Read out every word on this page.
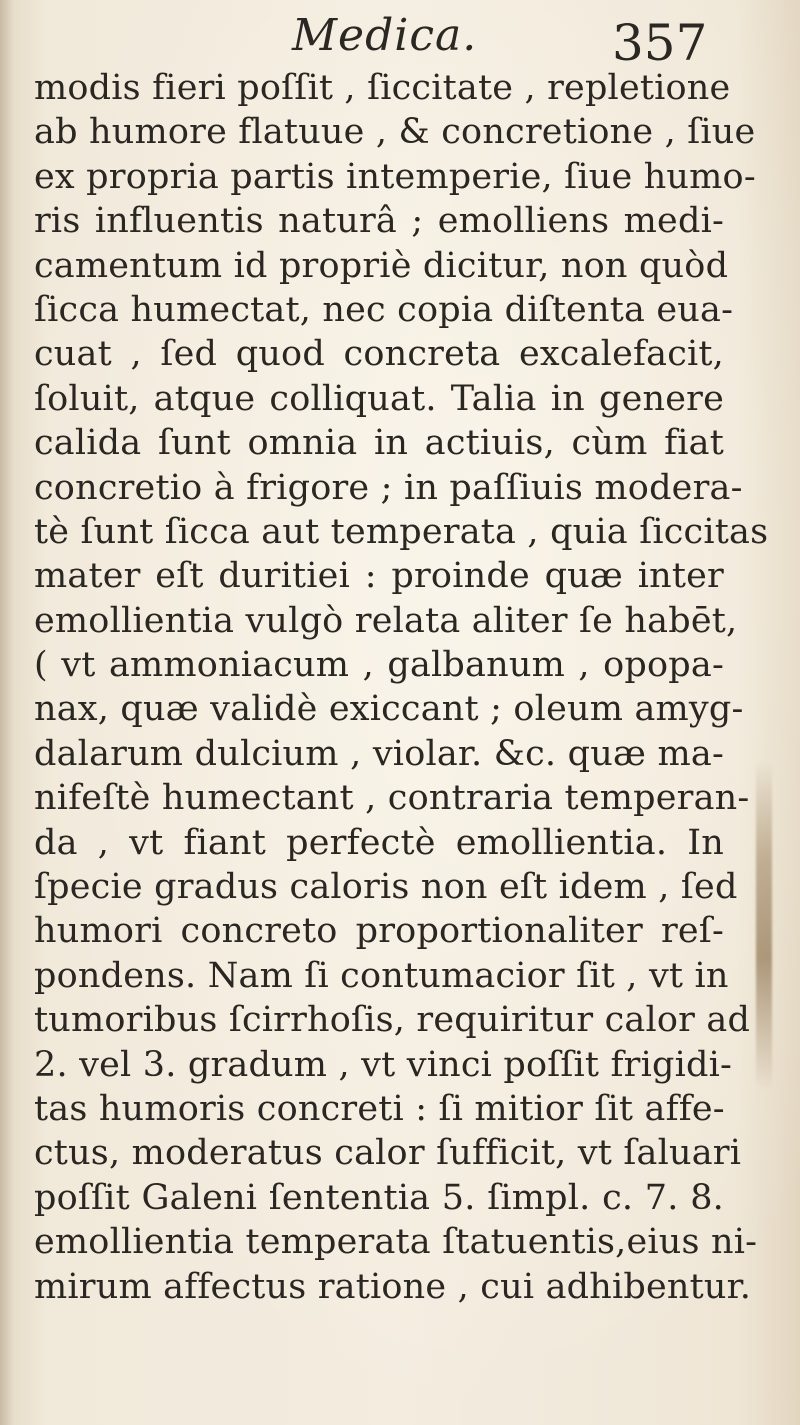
Medica.	357
modis fieri poſſit , ſiccitate , repletione
ab humore flatuue , & concretione , ſiue
ex propria partis intemperie, ſiue humo-
ris influentis naturâ ; emolliens medi-
camentum id propriè dicitur, non quòd
ſicca humectat, nec copia diſtenta eua-
cuat , ſed quod concreta excalefacit,
ſoluit, atque colliquat. Talia in genere
calida ſunt omnia in actiuis, cùm fiat
concretio à frigore ; in paſſiuis modera-
tè ſunt ſicca aut temperata , quia ſiccitas
mater eſt duritiei : proinde quæ inter
emollientia vulgò relata aliter ſe habēt,
( vt ammoniacum , galbanum , opopa-
nax, quæ validè exiccant ; oleum amyg-
dalarum dulcium , violar. &c. quæ ma-
nifeſtè humectant , contraria temperan-
da , vt fiant perfectè emollientia. In
ſpecie gradus caloris non eſt idem , ſed
humori concreto proportionaliter reſ-
pondens. Nam ſi contumacior ſit , vt in
tumoribus ſcirrhoſis, requiritur calor ad
2. vel 3. gradum , vt vinci poſſit frigidi-
tas humoris concreti : ſi mitior ſit affe-
ctus, moderatus calor ſufficit, vt ſaluari
poſſit Galeni ſententia 5. ſimpl. c. 7. 8.
emollientia temperata ſtatuentis,eius ni-
mirum affectus ratione , cui adhibentur.
